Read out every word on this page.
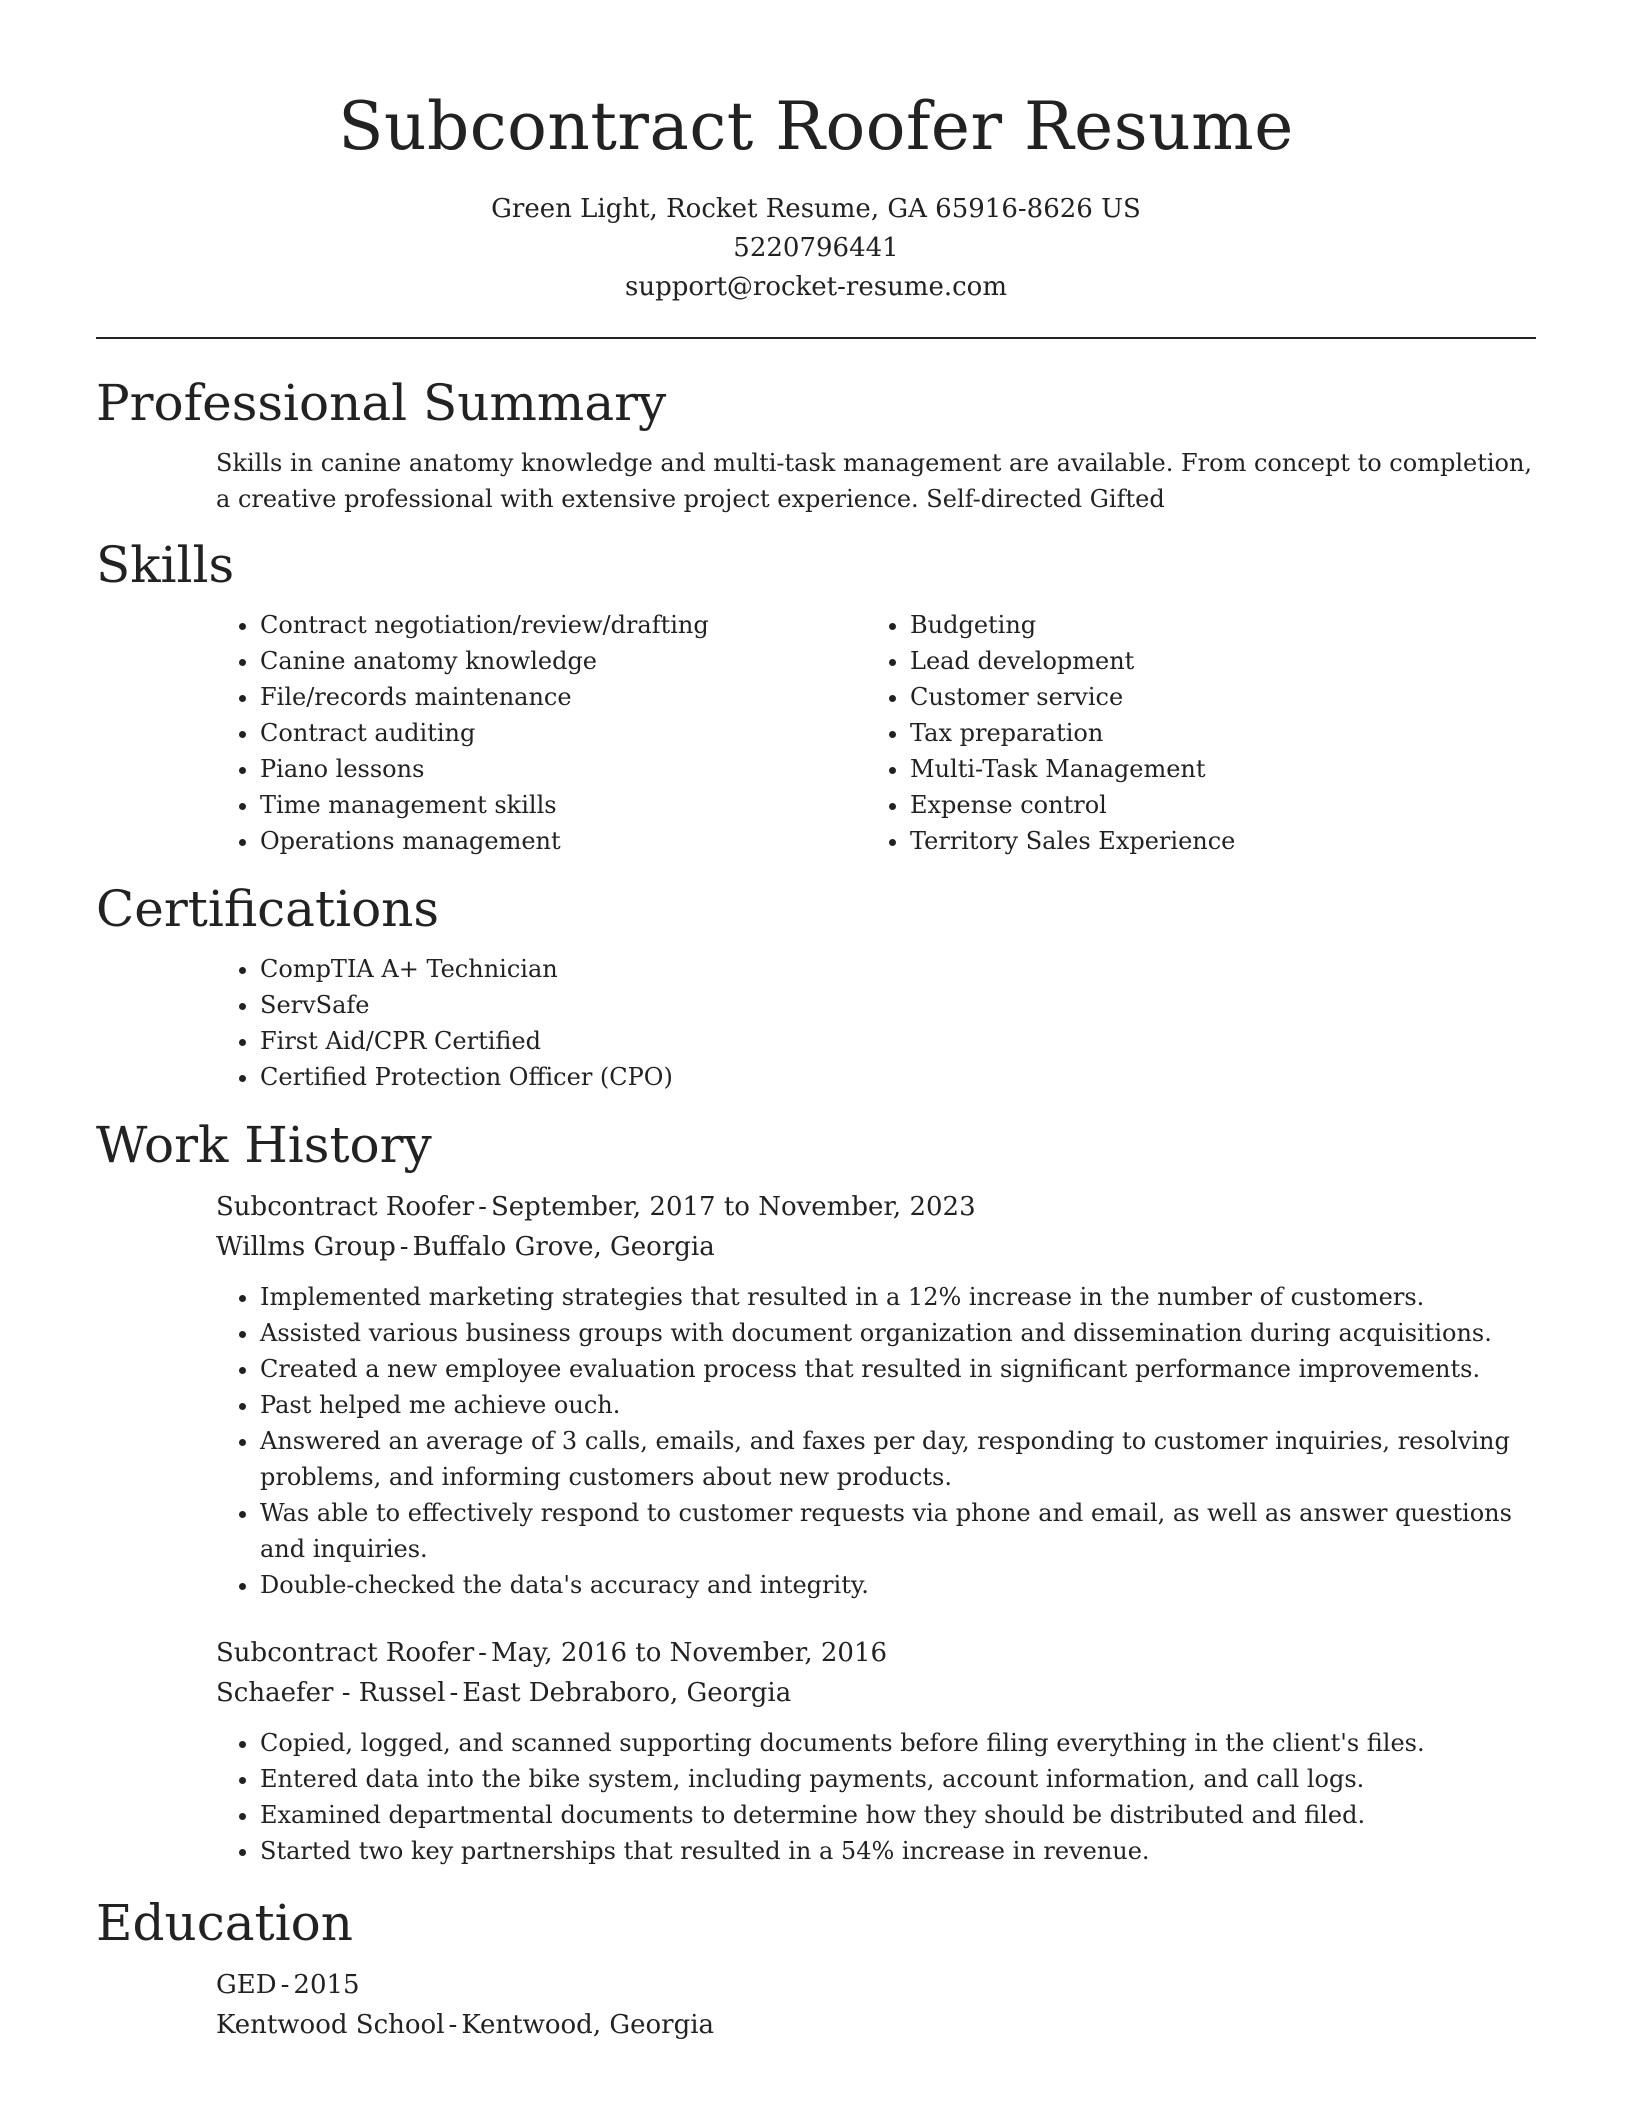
Subcontract Roofer Resume
Green Light, Rocket Resume, GA 65916-8626 US
5220796441
support@rocket-resume.com
Professional Summary

Skills in canine anatomy knowledge and multi-task management are available. From concept to completion, a creative professional with extensive project experience. Self-directed Gifted

Skills
• Contract negotiation/review/drafting
• Canine anatomy knowledge
• File/records maintenance
• Contract auditing
• Piano lessons
• Time management skills
• Operations management
• Budgeting
• Lead development
• Customer service
• Tax preparation
• Multi-Task Management
• Expense control
• Territory Sales Experience
Certifications
• CompTIA A+ Technician
• ServSafe
• First Aid/CPR Certified
• Certified Protection Officer (CPO)
Work History
Subcontract Roofer - September, 2017 to November, 2023
Willms Group - Buffalo Grove, Georgia
• Implemented marketing strategies that resulted in a 12% increase in the number of customers.
• Assisted various business groups with document organization and dissemination during acquisitions.
• Created a new employee evaluation process that resulted in significant performance improvements.
• Past helped me achieve ouch.
• Answered an average of 3 calls, emails, and faxes per day, responding to customer inquiries, resolving problems, and informing customers about new products.
• Was able to effectively respond to customer requests via phone and email, as well as answer questions and inquiries.
• Double-checked the data's accuracy and integrity.
Subcontract Roofer - May, 2016 to November, 2016
Schaefer - Russel - East Debraboro, Georgia
• Copied, logged, and scanned supporting documents before filing everything in the client's files.
• Entered data into the bike system, including payments, account information, and call logs.
• Examined departmental documents to determine how they should be distributed and filed.
• Started two key partnerships that resulted in a 54% increase in revenue.
Education
GED - 2015
Kentwood School - Kentwood, Georgia
